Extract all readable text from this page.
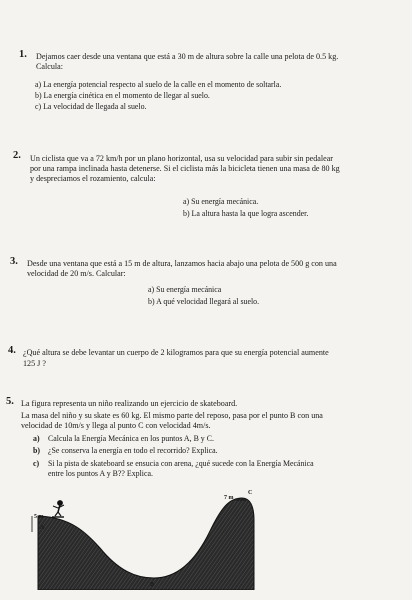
1. Dejamos caer desde una ventana que está a 30 m de altura sobre la calle una pelota de 0.5 kg.
Calcula:
a) La energía potencial respecto al suelo de la calle en el momento de soltarla.
b) La energía cinética en el momento de llegar al suelo.
c) La velocidad de llegada al suelo.
2. Un ciclista que va a 72 km/h por un plano horizontal, usa su velocidad para subir sin pedalear
por una rampa inclinada hasta detenerse. Si el ciclista más la bicicleta tienen una masa de 80 kg
y despreciamos el rozamiento, calcula:
a) Su energía mecánica.
b) La altura hasta la que logra ascender.
3. Desde una ventana que está a 15 m de altura, lanzamos hacia abajo una pelota de 500 g con una
velocidad de 20 m/s. Calcular:
a) Su energía mecánica
b) A qué velocidad llegará al suelo.
4. ¿Qué altura se debe levantar un cuerpo de 2 kilogramos para que su energía potencial aumente
125 J ?
5. La figura representa un niño realizando un ejercicio de skateboard.
La masa del niño y su skate es 60 kg. El mismo parte del reposo, pasa por el punto B con una
velocidad de 10m/s y llega al punto C con velocidad 4m/s.
a) Calcula la Energía Mecánica en los puntos A, B y C.
b) ¿Se conserva la energía en todo el recorrido? Explica.
c) Si la pista de skateboard se ensucia con arena, ¿qué sucede con la Energía Mecánica
entre los puntos A y B?? Explica.
5 m
A
B
7 m
C
